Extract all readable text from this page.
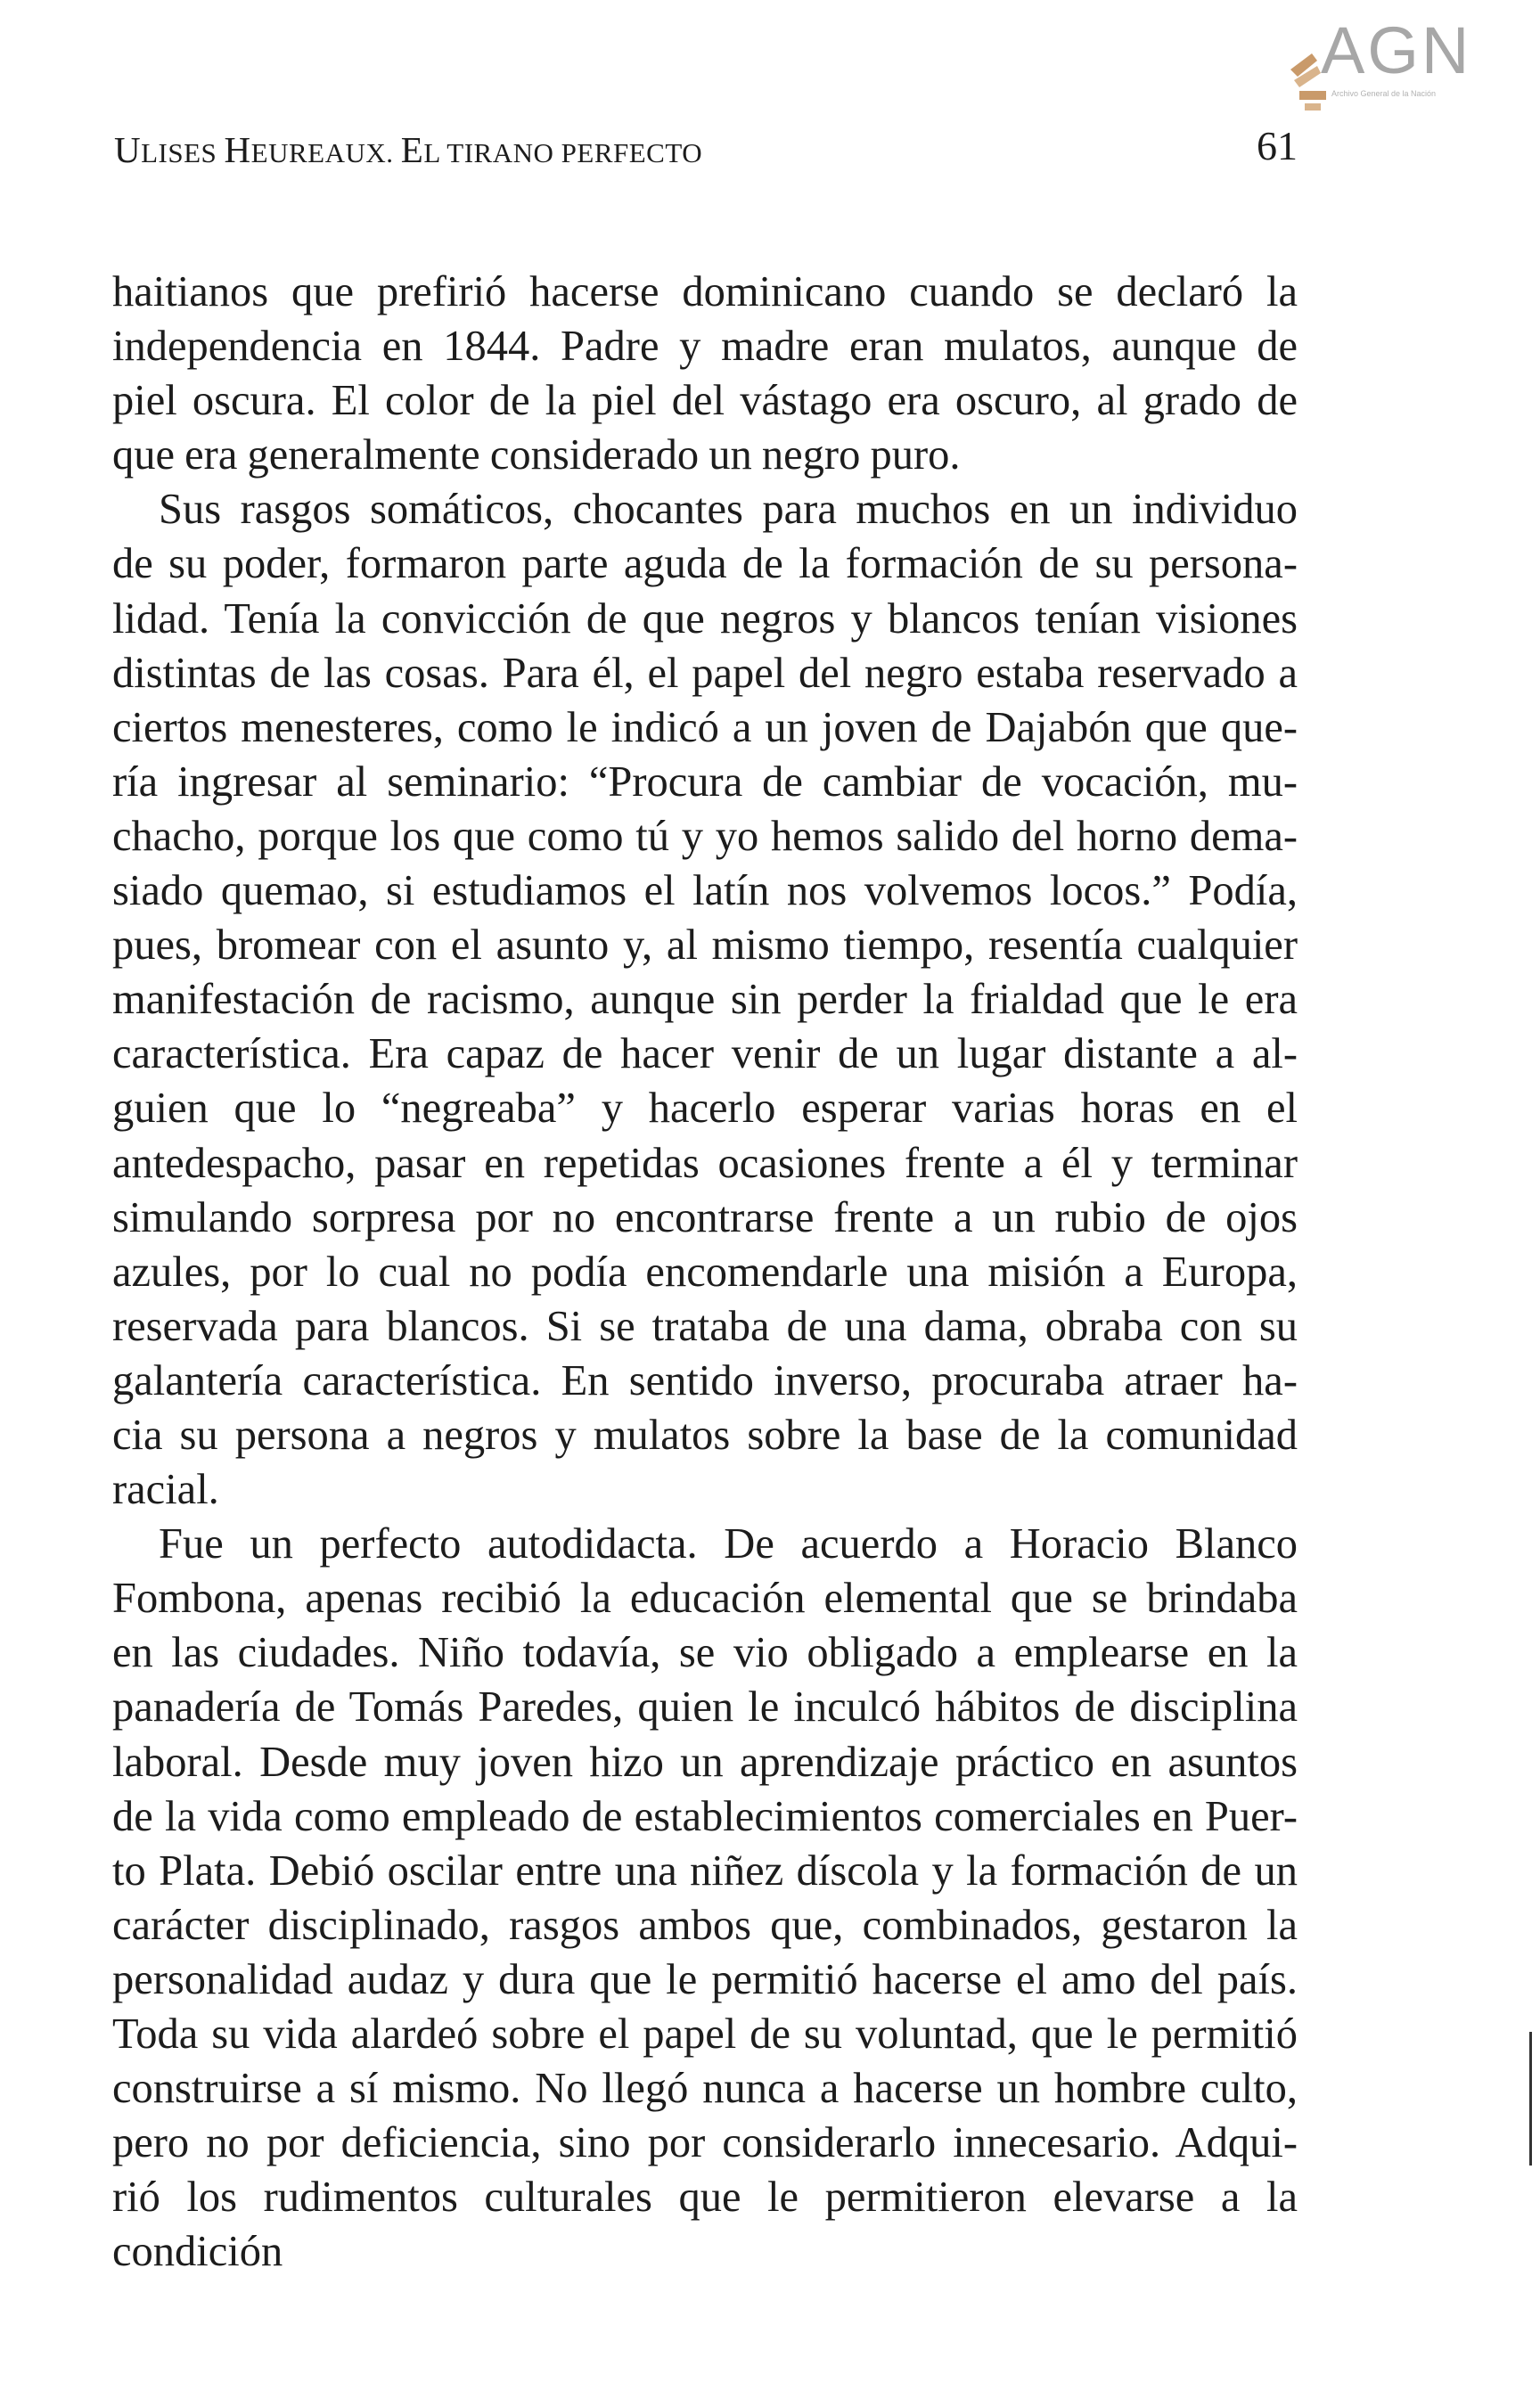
AGN
Archivo General de la Nación
ULISES HEUREAUX. EL TIRANO PERFECTO	61

haitianos que prefirió hacerse dominicano cuando se declaró la

independencia en 1844. Padre y madre eran mulatos, aunque de

piel oscura. El color de la piel del vástago era oscuro, al grado de

que era generalmente considerado un negro puro.

Sus rasgos somáticos, chocantes para muchos en un individuo

de su poder, formaron parte aguda de la formación de su persona-

lidad. Tenía la convicción de que negros y blancos tenían visiones

distintas de las cosas. Para él, el papel del negro estaba reservado a

ciertos menesteres, como le indicó a un joven de Dajabón que que-

ría ingresar al seminario: “Procura de cambiar de vocación, mu-

chacho, porque los que como tú y yo hemos salido del horno dema-

siado quemao, si estudiamos el latín nos volvemos locos.” Podía,

pues, bromear con el asunto y, al mismo tiempo, resentía cualquier

manifestación de racismo, aunque sin perder la frialdad que le era

característica. Era capaz de hacer venir de un lugar distante a al-

guien que lo “negreaba” y hacerlo esperar varias horas en el

antedespacho, pasar en repetidas ocasiones frente a él y terminar

simulando sorpresa por no encontrarse frente a un rubio de ojos

azules, por lo cual no podía encomendarle una misión a Europa,

reservada para blancos. Si se trataba de una dama, obraba con su

galantería característica. En sentido inverso, procuraba atraer ha-

cia su persona a negros y mulatos sobre la base de la comunidad

racial.

Fue un perfecto autodidacta. De acuerdo a Horacio Blanco

Fombona, apenas recibió la educación elemental que se brindaba

en las ciudades. Niño todavía, se vio obligado a emplearse en la

panadería de Tomás Paredes, quien le inculcó hábitos de disciplina

laboral. Desde muy joven hizo un aprendizaje práctico en asuntos

de la vida como empleado de establecimientos comerciales en Puer-

to Plata. Debió oscilar entre una niñez díscola y la formación de un

carácter disciplinado, rasgos ambos que, combinados, gestaron la

personalidad audaz y dura que le permitió hacerse el amo del país.

Toda su vida alardeó sobre el papel de su voluntad, que le permitió

construirse a sí mismo. No llegó nunca a hacerse un hombre culto,

pero no por deficiencia, sino por considerarlo innecesario. Adqui-

rió los rudimentos culturales que le permitieron elevarse a la condición
